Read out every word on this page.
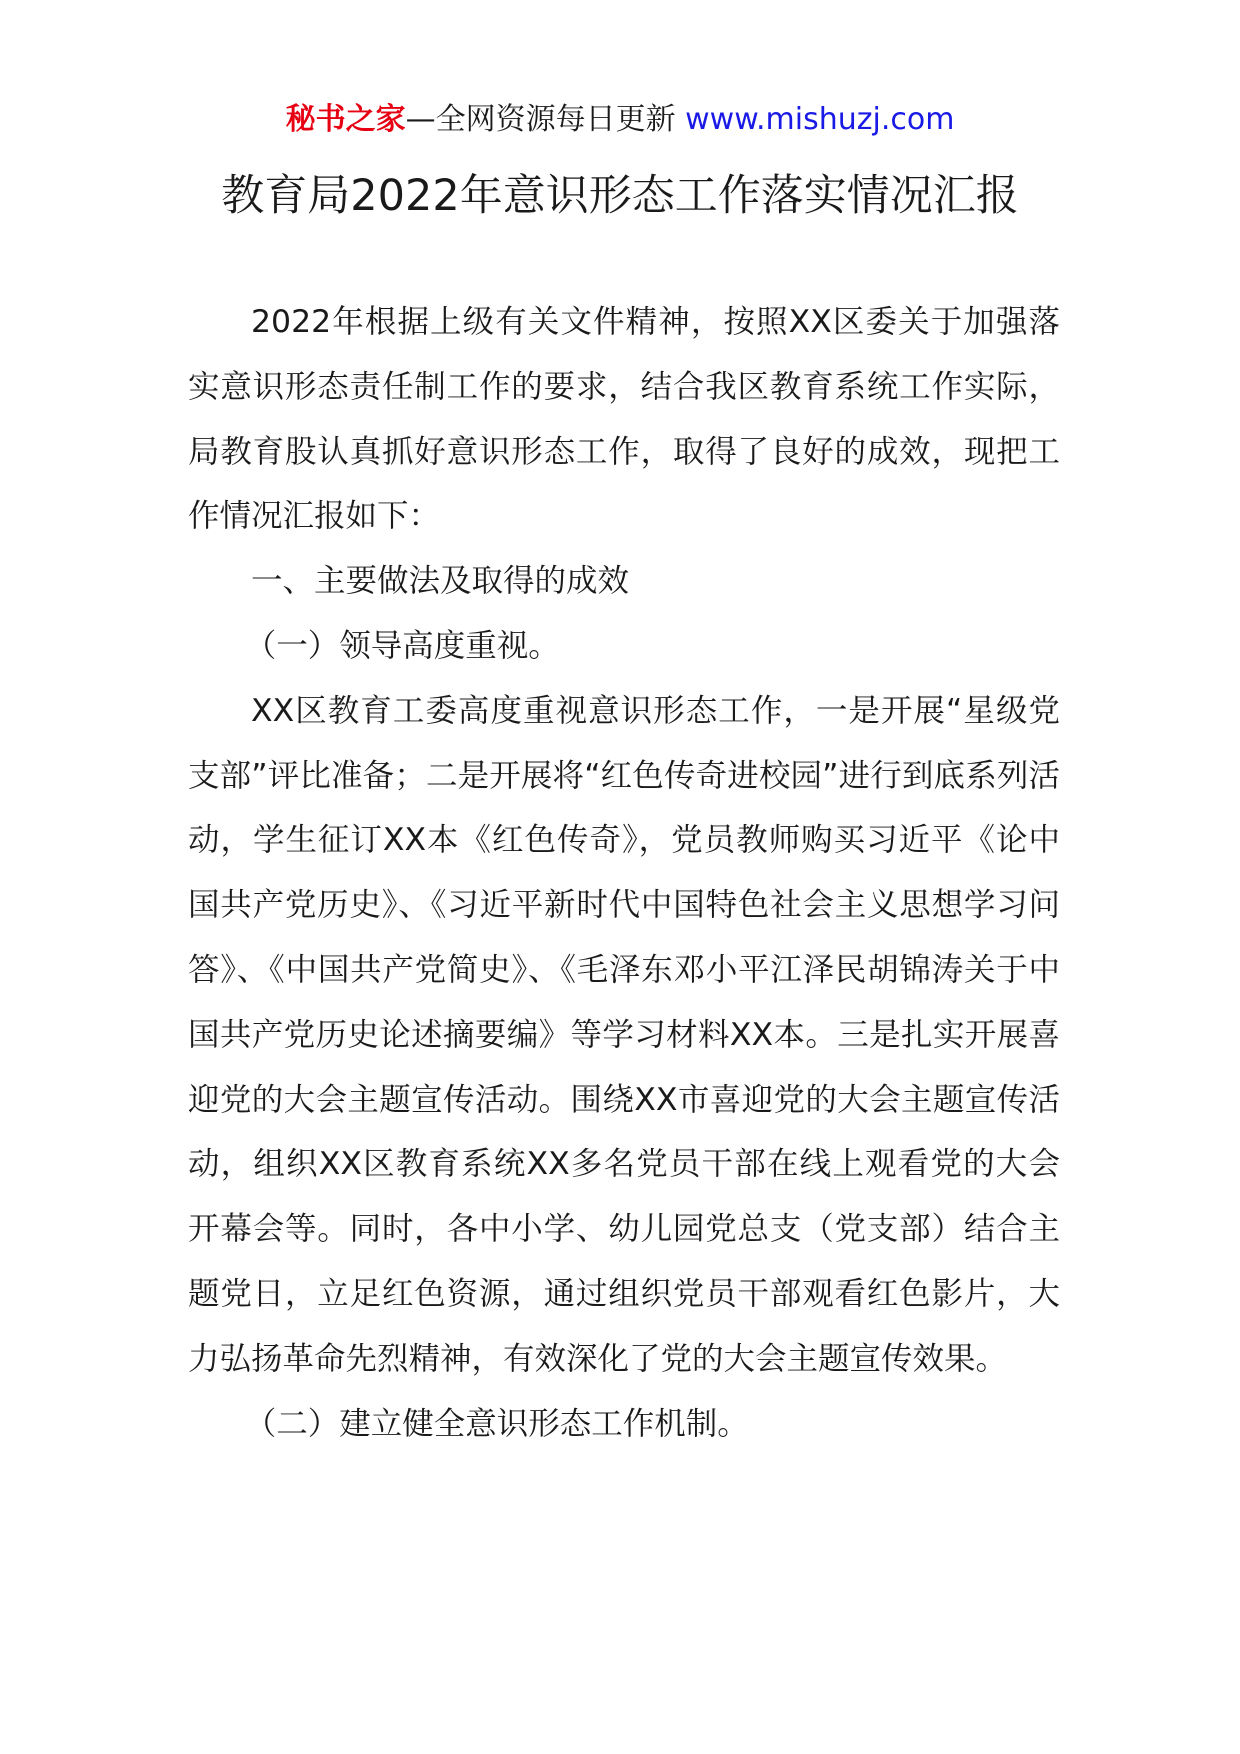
秘书之家—全网资源每日更新 www.mishuzj.com
教育局2022年意识形态工作落实情况汇报

2022年根据上级有关文件精神，按照XX区委关于加强落实意识形态责任制工作的要求，结合我区教育系统工作实际，局教育股认真抓好意识形态工作，取得了良好的成效，现把工作情况汇报如下：

一、主要做法及取得的成效

（一）领导高度重视。

XX区教育工委高度重视意识形态工作，一是开展“星级党支部”评比准备；二是开展将“红色传奇进校园”进行到底系列活动，学生征订XX本《红色传奇》，党员教师购买习近平《论中国共产党历史》、《习近平新时代中国特色社会主义思想学习问答》、《中国共产党简史》、《毛泽东邓小平江泽民胡锦涛关于中国共产党历史论述摘要编》等学习材料XX本。三是扎实开展喜迎党的大会主题宣传活动。围绕XX市喜迎党的大会主题宣传活动，组织XX区教育系统XX多名党员干部在线上观看党的大会开幕会等。同时，各中小学、幼儿园党总支（党支部）结合主题党日，立足红色资源，通过组织党员干部观看红色影片，大力弘扬革命先烈精神，有效深化了党的大会主题宣传效果。

（二）建立健全意识形态工作机制。
